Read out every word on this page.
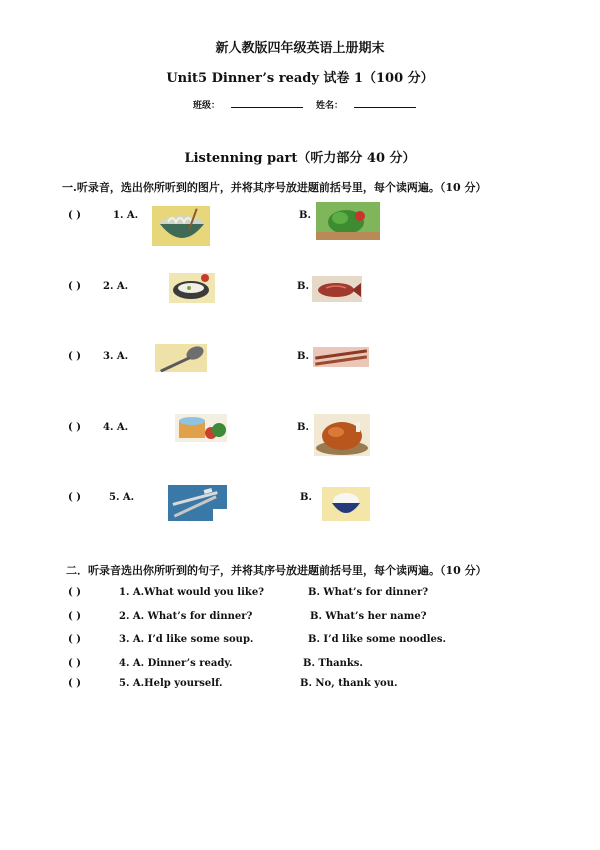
新人教版四年级英语上册期末
Unit5 Dinner’s ready 试卷 1（100 分）
班级：	姓名：
Listenning part（听力部分 40 分）
一.听录音，选出你所听到的图片，并将其序号放进题前括号里，每个读两遍。（10 分）
( )	1. A.	B.
( ) 2. A.	B.
( ) 3. A.	B.
( ) 4. A.	B.
( )	5. A.	B.
二．听录音选出你所听到的句子，并将其序号放进题前括号里，每个读两遍。（10 分）
( )	1. A.What would you like?	B. What’s for dinner?
( )	2. A. What’s for dinner?	B. What’s her name?
( )	3. A. I’d like some soup.	B. I’d like some noodles.
( )	4. A. Dinner’s ready.	B. Thanks.
( )	5. A.Help yourself.	B. No, thank you.
